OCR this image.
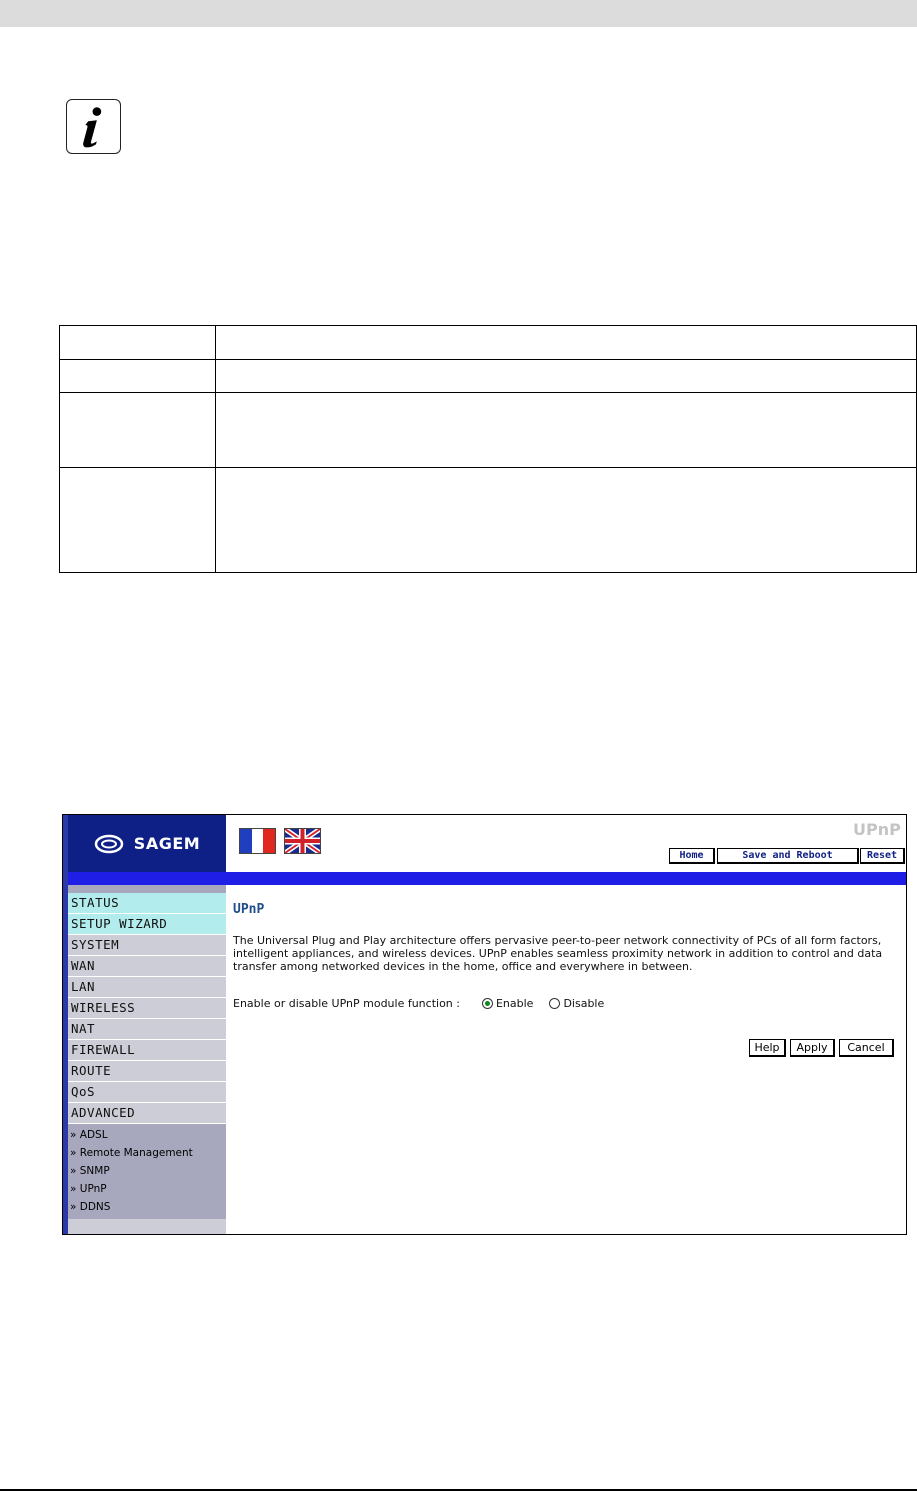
SAGEM
UPnP
Home	Save and Reboot	Reset
STATUS
SETUP WIZARD
SYSTEM
WAN
LAN
WIRELESS
NAT
FIREWALL
ROUTE
QoS
ADVANCED
» ADSL
» Remote Management
» SNMP
» UPnP
» DDNS
UPnP
The Universal Plug and Play architecture offers pervasive peer-to-peer network connectivity of PCs of all form factors, intelligent appliances, and wireless devices. UPnP enables seamless proximity network in addition to control and data transfer among networked devices in the home, office and everywhere in between.
Enable or disable UPnP module function :	Enable	Disable
Help	Apply	Cancel
